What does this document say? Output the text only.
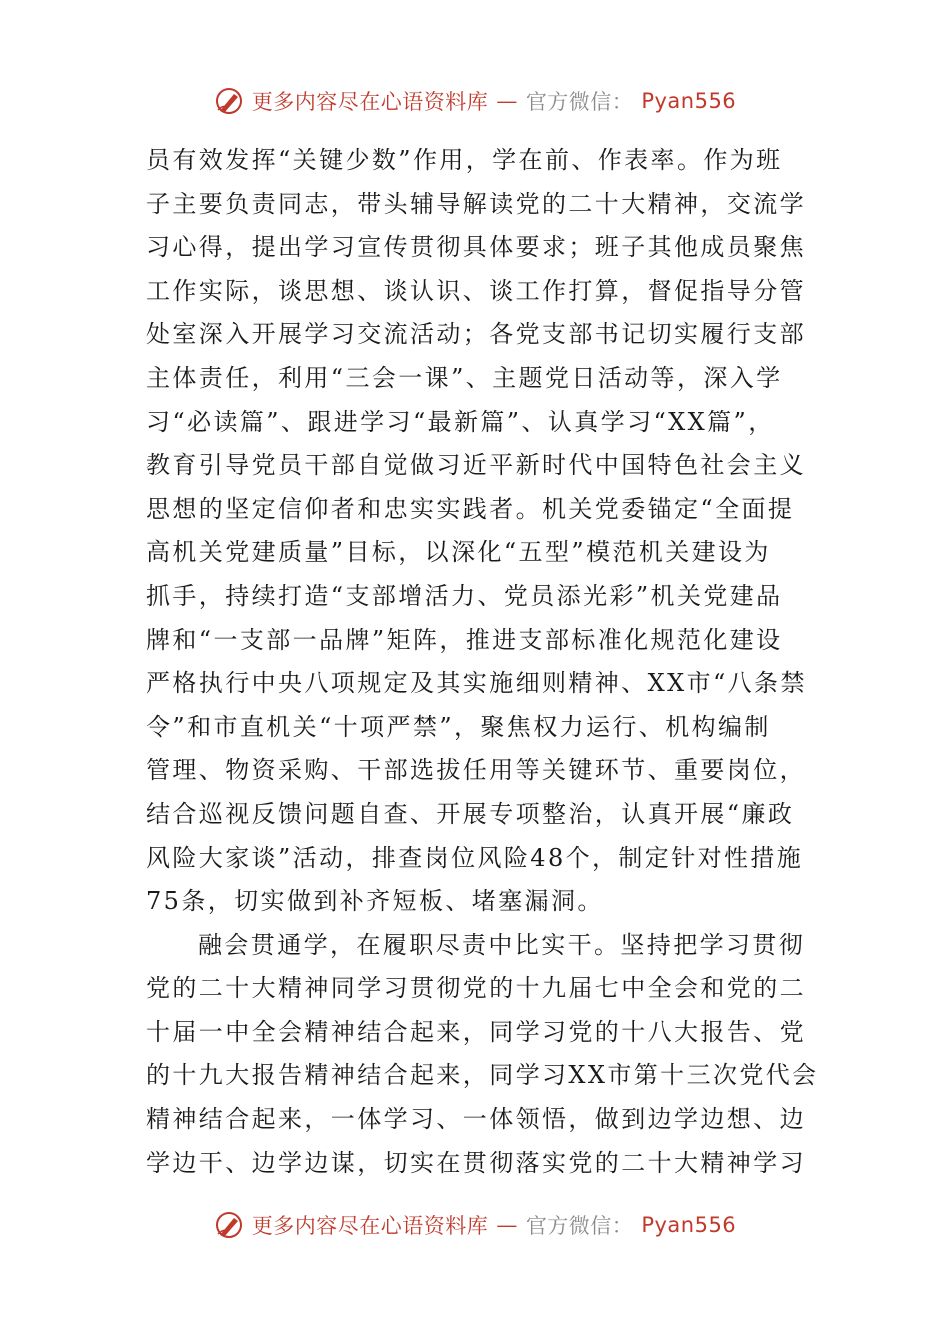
更多内容尽在心语资料库 — 官方微信： Pyan556
员有效发挥“关键少数”作用，学在前、作表率。作为班
子主要负责同志，带头辅导解读党的二十大精神，交流学
习心得，提出学习宣传贯彻具体要求；班子其他成员聚焦
工作实际，谈思想、谈认识、谈工作打算，督促指导分管
处室深入开展学习交流活动；各党支部书记切实履行支部
主体责任，利用“三会一课”、主题党日活动等，深入学
习“必读篇”、跟进学习“最新篇”、认真学习“XX篇”，
教育引导党员干部自觉做习近平新时代中国特色社会主义
思想的坚定信仰者和忠实实践者。机关党委锚定“全面提
高机关党建质量”目标，以深化“五型”模范机关建设为
抓手，持续打造“支部增活力、党员添光彩”机关党建品
牌和“一支部一品牌”矩阵，推进支部标准化规范化建设
严格执行中央八项规定及其实施细则精神、XX市“八条禁
令”和市直机关“十项严禁”，聚焦权力运行、机构编制
管理、物资采购、干部选拔任用等关键环节、重要岗位，
结合巡视反馈问题自查、开展专项整治，认真开展“廉政
风险大家谈”活动，排查岗位风险48个，制定针对性措施
75条，切实做到补齐短板、堵塞漏洞。
融会贯通学，在履职尽责中比实干。坚持把学习贯彻
党的二十大精神同学习贯彻党的十九届七中全会和党的二
十届一中全会精神结合起来，同学习党的十八大报告、党
的十九大报告精神结合起来，同学习XX市第十三次党代会
精神结合起来，一体学习、一体领悟，做到边学边想、边
学边干、边学边谋，切实在贯彻落实党的二十大精神学习
更多内容尽在心语资料库 — 官方微信： Pyan556
